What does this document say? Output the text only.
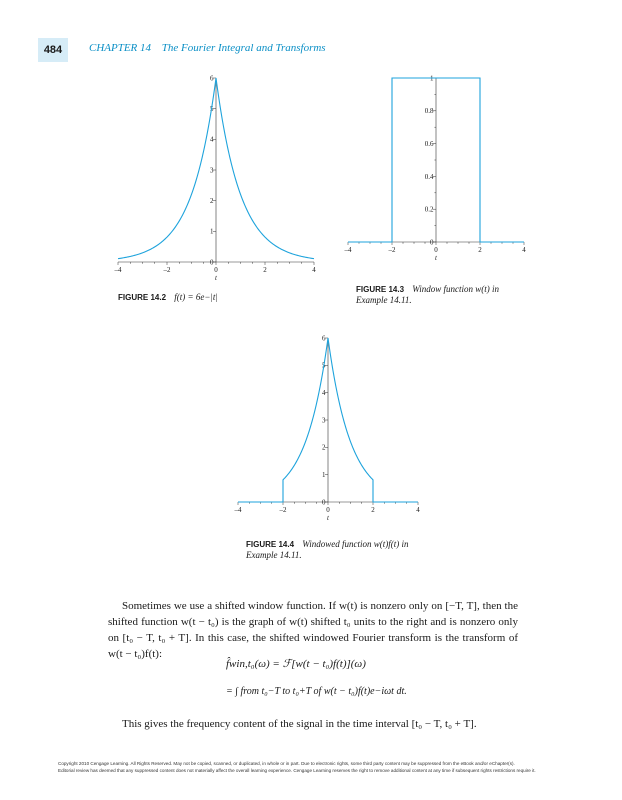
484	CHAPTER 14 The Fourier Integral and Transforms
–4	–2	0	2	4
0
1
2
3
4
5
6
t
FIGURE 14.2 f(t) = 6e−|t|
–4	–2	0	2	4
0
0.2
0.4
0.6
0.8
1
t
FIGURE 14.3 Window function w(t) in Example 14.11.
–4	–2	0	2	4
0
1
2
3
4
5
6
t
FIGURE 14.4 Windowed function w(t)f(t) in Example 14.11.

Sometimes we use a shifted window function. If w(t) is nonzero only on [−T, T], then the shifted function w(t − t₀) is the graph of w(t) shifted t₀ units to the right and is nonzero only on [t₀ − T, t₀ + T]. In this case, the shifted windowed Fourier transform is the transform of w(t − t₀)f(t):

f̂win,t₀(ω) = ℱ[w(t − t₀)f(t)](ω)
= ∫ from t₀−T to t₀+T of w(t − t₀)f(t)e−iωt dt.

This gives the frequency content of the signal in the time interval [t₀ − T, t₀ + T].

Copyright 2010 Cengage Learning. All Rights Reserved. May not be copied, scanned, or duplicated, in whole or in part. Due to electronic rights, some third party content may be suppressed from the eBook and/or eChapter(s).
Editorial review has deemed that any suppressed content does not materially affect the overall learning experience. Cengage Learning reserves the right to remove additional content at any time if subsequent rights restrictions require it.
